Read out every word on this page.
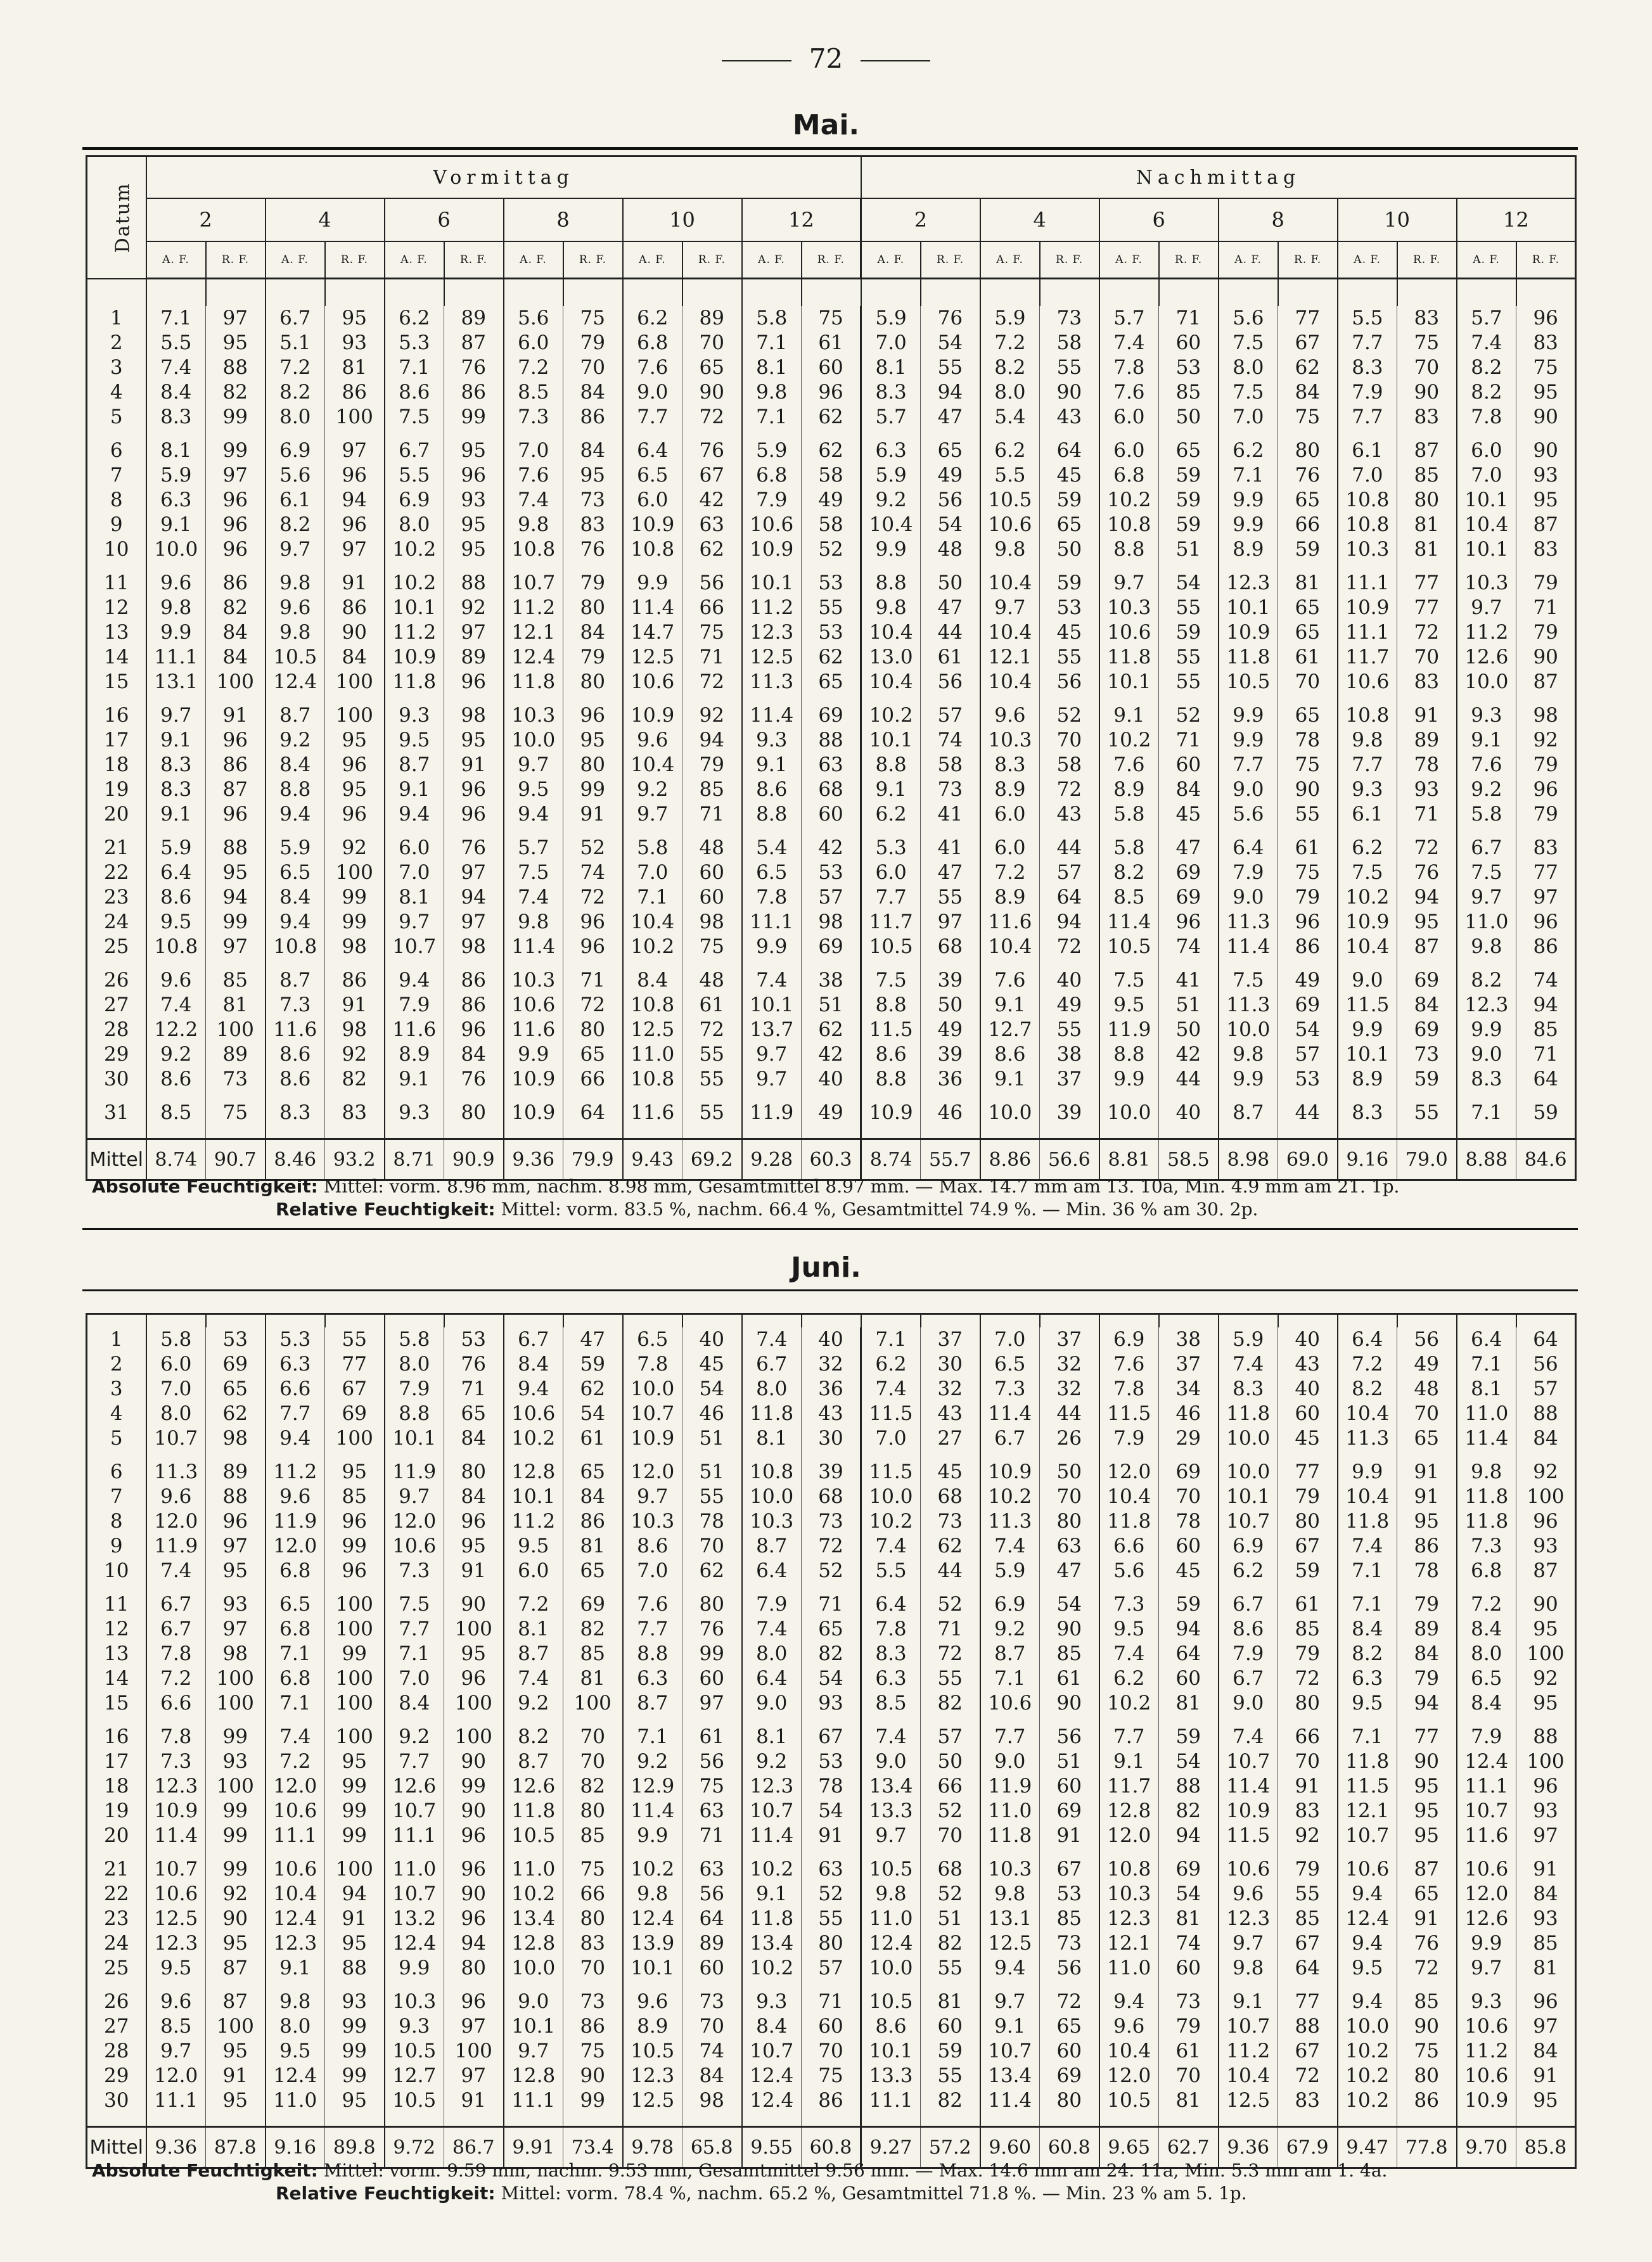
72
Mai.
Datum	Vormittag												Nachmittag											
	2		4		6		8		10		12		2		4		6		8		10		12	
	A. F.	R. F.	A. F.	R. F.	A. F.	R. F.	A. F.	R. F.	A. F.	R. F.	A. F.	R. F.	A. F.	R. F.	A. F.	R. F.	A. F.	R. F.	A. F.	R. F.	A. F.	R. F.	A. F.	R. F.

1	7.1	97	6.7	95	6.2	89	5.6	75	6.2	89	5.8	75	5.9	76	5.9	73	5.7	71	5.6	77	5.5	83	5.7	96
2	5.5	95	5.1	93	5.3	87	6.0	79	6.8	70	7.1	61	7.0	54	7.2	58	7.4	60	7.5	67	7.7	75	7.4	83
3	7.4	88	7.2	81	7.1	76	7.2	70	7.6	65	8.1	60	8.1	55	8.2	55	7.8	53	8.0	62	8.3	70	8.2	75
4	8.4	82	8.2	86	8.6	86	8.5	84	9.0	90	9.8	96	8.3	94	8.0	90	7.6	85	7.5	84	7.9	90	8.2	95
5	8.3	99	8.0	100	7.5	99	7.3	86	7.7	72	7.1	62	5.7	47	5.4	43	6.0	50	7.0	75	7.7	83	7.8	90

6	8.1	99	6.9	97	6.7	95	7.0	84	6.4	76	5.9	62	6.3	65	6.2	64	6.0	65	6.2	80	6.1	87	6.0	90
7	5.9	97	5.6	96	5.5	96	7.6	95	6.5	67	6.8	58	5.9	49	5.5	45	6.8	59	7.1	76	7.0	85	7.0	93
8	6.3	96	6.1	94	6.9	93	7.4	73	6.0	42	7.9	49	9.2	56	10.5	59	10.2	59	9.9	65	10.8	80	10.1	95
9	9.1	96	8.2	96	8.0	95	9.8	83	10.9	63	10.6	58	10.4	54	10.6	65	10.8	59	9.9	66	10.8	81	10.4	87
10	10.0	96	9.7	97	10.2	95	10.8	76	10.8	62	10.9	52	9.9	48	9.8	50	8.8	51	8.9	59	10.3	81	10.1	83

11	9.6	86	9.8	91	10.2	88	10.7	79	9.9	56	10.1	53	8.8	50	10.4	59	9.7	54	12.3	81	11.1	77	10.3	79
12	9.8	82	9.6	86	10.1	92	11.2	80	11.4	66	11.2	55	9.8	47	9.7	53	10.3	55	10.1	65	10.9	77	9.7	71
13	9.9	84	9.8	90	11.2	97	12.1	84	14.7	75	12.3	53	10.4	44	10.4	45	10.6	59	10.9	65	11.1	72	11.2	79
14	11.1	84	10.5	84	10.9	89	12.4	79	12.5	71	12.5	62	13.0	61	12.1	55	11.8	55	11.8	61	11.7	70	12.6	90
15	13.1	100	12.4	100	11.8	96	11.8	80	10.6	72	11.3	65	10.4	56	10.4	56	10.1	55	10.5	70	10.6	83	10.0	87

16	9.7	91	8.7	100	9.3	98	10.3	96	10.9	92	11.4	69	10.2	57	9.6	52	9.1	52	9.9	65	10.8	91	9.3	98
17	9.1	96	9.2	95	9.5	95	10.0	95	9.6	94	9.3	88	10.1	74	10.3	70	10.2	71	9.9	78	9.8	89	9.1	92
18	8.3	86	8.4	96	8.7	91	9.7	80	10.4	79	9.1	63	8.8	58	8.3	58	7.6	60	7.7	75	7.7	78	7.6	79
19	8.3	87	8.8	95	9.1	96	9.5	99	9.2	85	8.6	68	9.1	73	8.9	72	8.9	84	9.0	90	9.3	93	9.2	96
20	9.1	96	9.4	96	9.4	96	9.4	91	9.7	71	8.8	60	6.2	41	6.0	43	5.8	45	5.6	55	6.1	71	5.8	79

21	5.9	88	5.9	92	6.0	76	5.7	52	5.8	48	5.4	42	5.3	41	6.0	44	5.8	47	6.4	61	6.2	72	6.7	83
22	6.4	95	6.5	100	7.0	97	7.5	74	7.0	60	6.5	53	6.0	47	7.2	57	8.2	69	7.9	75	7.5	76	7.5	77
23	8.6	94	8.4	99	8.1	94	7.4	72	7.1	60	7.8	57	7.7	55	8.9	64	8.5	69	9.0	79	10.2	94	9.7	97
24	9.5	99	9.4	99	9.7	97	9.8	96	10.4	98	11.1	98	11.7	97	11.6	94	11.4	96	11.3	96	10.9	95	11.0	96
25	10.8	97	10.8	98	10.7	98	11.4	96	10.2	75	9.9	69	10.5	68	10.4	72	10.5	74	11.4	86	10.4	87	9.8	86

26	9.6	85	8.7	86	9.4	86	10.3	71	8.4	48	7.4	38	7.5	39	7.6	40	7.5	41	7.5	49	9.0	69	8.2	74
27	7.4	81	7.3	91	7.9	86	10.6	72	10.8	61	10.1	51	8.8	50	9.1	49	9.5	51	11.3	69	11.5	84	12.3	94
28	12.2	100	11.6	98	11.6	96	11.6	80	12.5	72	13.7	62	11.5	49	12.7	55	11.9	50	10.0	54	9.9	69	9.9	85
29	9.2	89	8.6	92	8.9	84	9.9	65	11.0	55	9.7	42	8.6	39	8.6	38	8.8	42	9.8	57	10.1	73	9.0	71
30	8.6	73	8.6	82	9.1	76	10.9	66	10.8	55	9.7	40	8.8	36	9.1	37	9.9	44	9.9	53	8.9	59	8.3	64

31	8.5	75	8.3	83	9.3	80	10.9	64	11.6	55	11.9	49	10.9	46	10.0	39	10.0	40	8.7	44	8.3	55	7.1	59

Mittel	8.74	90.7	8.46	93.2	8.71	90.9	9.36	79.9	9.43	69.2	9.28	60.3	8.74	55.7	8.86	56.6	8.81	58.5	8.98	69.0	9.16	79.0	8.88	84.6
Absolute Feuchtigkeit: Mittel: vorm. 8.96 mm, nachm. 8.98 mm, Gesamtmittel 8.97 mm. — Max. 14.7 mm am 13. 10a, Min. 4.9 mm am 21. 1p.
Relative Feuchtigkeit: Mittel: vorm. 83.5 %, nachm. 66.4 %, Gesamtmittel 74.9 %. — Min. 36 % am 30. 2p.
Juni.

1	5.8	53	5.3	55	5.8	53	6.7	47	6.5	40	7.4	40	7.1	37	7.0	37	6.9	38	5.9	40	6.4	56	6.4	64
2	6.0	69	6.3	77	8.0	76	8.4	59	7.8	45	6.7	32	6.2	30	6.5	32	7.6	37	7.4	43	7.2	49	7.1	56
3	7.0	65	6.6	67	7.9	71	9.4	62	10.0	54	8.0	36	7.4	32	7.3	32	7.8	34	8.3	40	8.2	48	8.1	57
4	8.0	62	7.7	69	8.8	65	10.6	54	10.7	46	11.8	43	11.5	43	11.4	44	11.5	46	11.8	60	10.4	70	11.0	88
5	10.7	98	9.4	100	10.1	84	10.2	61	10.9	51	8.1	30	7.0	27	6.7	26	7.9	29	10.0	45	11.3	65	11.4	84

6	11.3	89	11.2	95	11.9	80	12.8	65	12.0	51	10.8	39	11.5	45	10.9	50	12.0	69	10.0	77	9.9	91	9.8	92
7	9.6	88	9.6	85	9.7	84	10.1	84	9.7	55	10.0	68	10.0	68	10.2	70	10.4	70	10.1	79	10.4	91	11.8	100
8	12.0	96	11.9	96	12.0	96	11.2	86	10.3	78	10.3	73	10.2	73	11.3	80	11.8	78	10.7	80	11.8	95	11.8	96
9	11.9	97	12.0	99	10.6	95	9.5	81	8.6	70	8.7	72	7.4	62	7.4	63	6.6	60	6.9	67	7.4	86	7.3	93
10	7.4	95	6.8	96	7.3	91	6.0	65	7.0	62	6.4	52	5.5	44	5.9	47	5.6	45	6.2	59	7.1	78	6.8	87

11	6.7	93	6.5	100	7.5	90	7.2	69	7.6	80	7.9	71	6.4	52	6.9	54	7.3	59	6.7	61	7.1	79	7.2	90
12	6.7	97	6.8	100	7.7	100	8.1	82	7.7	76	7.4	65	7.8	71	9.2	90	9.5	94	8.6	85	8.4	89	8.4	95
13	7.8	98	7.1	99	7.1	95	8.7	85	8.8	99	8.0	82	8.3	72	8.7	85	7.4	64	7.9	79	8.2	84	8.0	100
14	7.2	100	6.8	100	7.0	96	7.4	81	6.3	60	6.4	54	6.3	55	7.1	61	6.2	60	6.7	72	6.3	79	6.5	92
15	6.6	100	7.1	100	8.4	100	9.2	100	8.7	97	9.0	93	8.5	82	10.6	90	10.2	81	9.0	80	9.5	94	8.4	95

16	7.8	99	7.4	100	9.2	100	8.2	70	7.1	61	8.1	67	7.4	57	7.7	56	7.7	59	7.4	66	7.1	77	7.9	88
17	7.3	93	7.2	95	7.7	90	8.7	70	9.2	56	9.2	53	9.0	50	9.0	51	9.1	54	10.7	70	11.8	90	12.4	100
18	12.3	100	12.0	99	12.6	99	12.6	82	12.9	75	12.3	78	13.4	66	11.9	60	11.7	88	11.4	91	11.5	95	11.1	96
19	10.9	99	10.6	99	10.7	90	11.8	80	11.4	63	10.7	54	13.3	52	11.0	69	12.8	82	10.9	83	12.1	95	10.7	93
20	11.4	99	11.1	99	11.1	96	10.5	85	9.9	71	11.4	91	9.7	70	11.8	91	12.0	94	11.5	92	10.7	95	11.6	97

21	10.7	99	10.6	100	11.0	96	11.0	75	10.2	63	10.2	63	10.5	68	10.3	67	10.8	69	10.6	79	10.6	87	10.6	91
22	10.6	92	10.4	94	10.7	90	10.2	66	9.8	56	9.1	52	9.8	52	9.8	53	10.3	54	9.6	55	9.4	65	12.0	84
23	12.5	90	12.4	91	13.2	96	13.4	80	12.4	64	11.8	55	11.0	51	13.1	85	12.3	81	12.3	85	12.4	91	12.6	93
24	12.3	95	12.3	95	12.4	94	12.8	83	13.9	89	13.4	80	12.4	82	12.5	73	12.1	74	9.7	67	9.4	76	9.9	85
25	9.5	87	9.1	88	9.9	80	10.0	70	10.1	60	10.2	57	10.0	55	9.4	56	11.0	60	9.8	64	9.5	72	9.7	81

26	9.6	87	9.8	93	10.3	96	9.0	73	9.6	73	9.3	71	10.5	81	9.7	72	9.4	73	9.1	77	9.4	85	9.3	96
27	8.5	100	8.0	99	9.3	97	10.1	86	8.9	70	8.4	60	8.6	60	9.1	65	9.6	79	10.7	88	10.0	90	10.6	97
28	9.7	95	9.5	99	10.5	100	9.7	75	10.5	74	10.7	70	10.1	59	10.7	60	10.4	61	11.2	67	10.2	75	11.2	84
29	12.0	91	12.4	99	12.7	97	12.8	90	12.3	84	12.4	75	13.3	55	13.4	69	12.0	70	10.4	72	10.2	80	10.6	91
30	11.1	95	11.0	95	10.5	91	11.1	99	12.5	98	12.4	86	11.1	82	11.4	80	10.5	81	12.5	83	10.2	86	10.9	95

Mittel	9.36	87.8	9.16	89.8	9.72	86.7	9.91	73.4	9.78	65.8	9.55	60.8	9.27	57.2	9.60	60.8	9.65	62.7	9.36	67.9	9.47	77.8	9.70	85.8
Absolute Feuchtigkeit: Mittel: vorm. 9.59 mm, nachm. 9.53 mm, Gesamtmittel 9.56 mm. — Max. 14.6 mm am 24. 11a, Min. 5.3 mm am 1. 4a.
Relative Feuchtigkeit: Mittel: vorm. 78.4 %, nachm. 65.2 %, Gesamtmittel 71.8 %. — Min. 23 % am 5. 1p.
